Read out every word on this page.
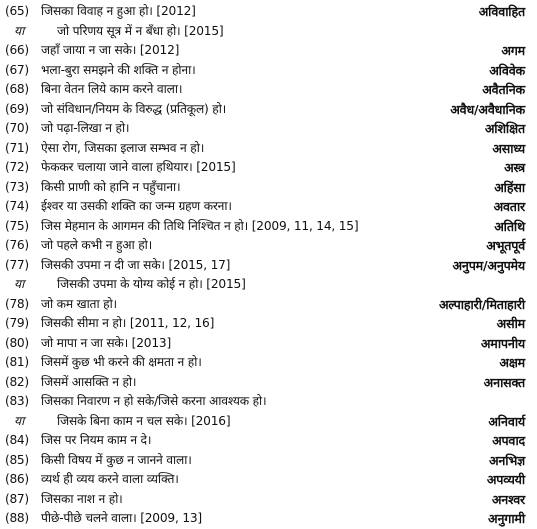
(65) जिसका विवाह न हुआ हो। [2012]	अविवाहित
या	जो परिणय सूत्र में न बँधा हो। [2015]
(66) जहाँ जाया न जा सके। [2012]	अगम
(67) भला-बुरा समझने की शक्ति न होना।	अविवेक
(68) बिना वेतन लिये काम करने वाला।	अवैतनिक
(69) जो संविधान/नियम के विरुद्ध (प्रतिकूल) हो।	अवैध/अवैधानिक
(70) जो पढ़ा-लिखा न हो।	अशिक्षित
(71) ऐसा रोग, जिसका इलाज सम्भव न हो।	असाध्य
(72) फेककर चलाया जाने वाला हथियार। [2015]	अस्त्र
(73) किसी प्राणी को हानि न पहुँचाना।	अहिंसा
(74) ईश्वर या उसकी शक्ति का जन्म ग्रहण करना।	अवतार
(75) जिस मेहमान के आगमन की तिथि निश्चित न हो। [2009, 11, 14, 15]	अतिथि
(76) जो पहले कभी न हुआ हो।	अभूतपूर्व
(77) जिसकी उपमा न दी जा सके। [2015, 17]	अनुपम/अनुपमेय
या	जिसकी उपमा के योग्य कोई न हो। [2015]
(78) जो कम खाता हो।	अल्पाहारी/मिताहारी
(79) जिसकी सीमा न हो। [2011, 12, 16]	असीम
(80) जो मापा न जा सके। [2013]	अमापनीय
(81) जिसमें कुछ भी करने की क्षमता न हो।	अक्षम
(82) जिसमें आसक्ति न हो।	अनासक्त
(83) जिसका निवारण न हो सके/जिसे करना आवश्यक हो।
या	जिसके बिना काम न चल सके। [2016]	अनिवार्य
(84) जिस पर नियम काम न दे।	अपवाद
(85) किसी विषय में कुछ न जानने वाला।	अनभिज्ञ
(86) व्यर्थ ही व्यय करने वाला व्यक्ति।	अपव्ययी
(87) जिसका नाश न हो।	अनश्वर
(88) पीछे-पीछे चलने वाला। [2009, 13]	अनुगामी
